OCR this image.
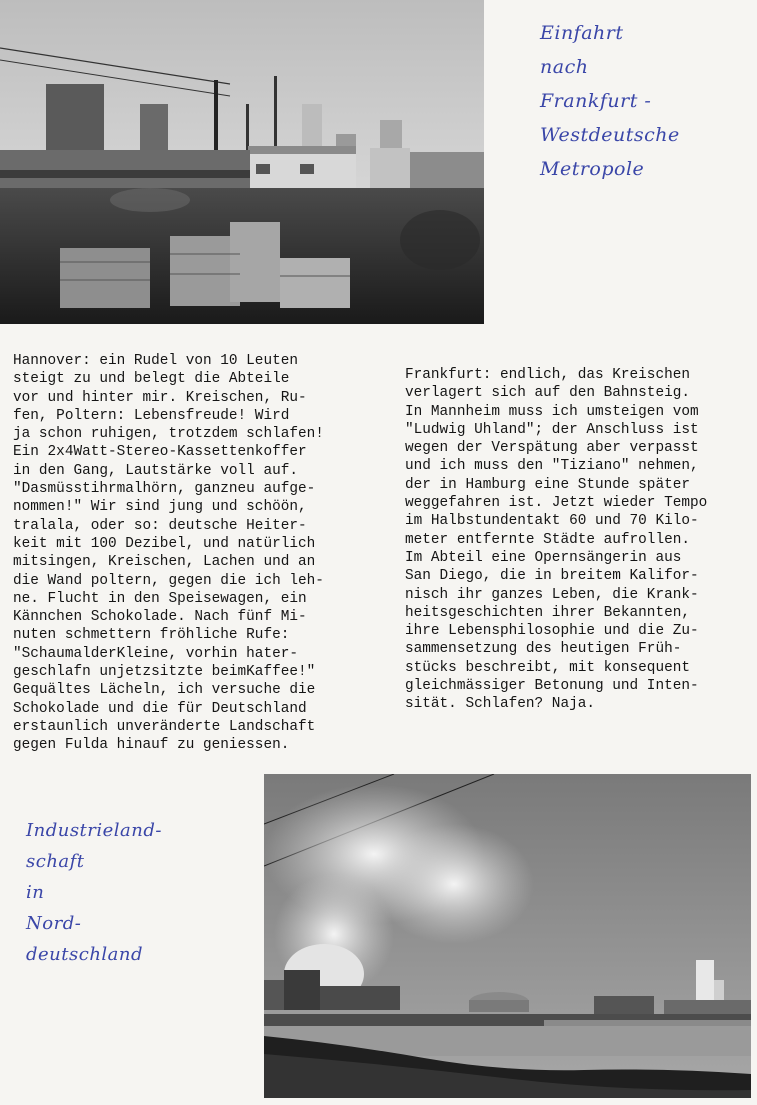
Einfahrt
nach
Frankfurt -
Westdeutsche
Metropole
Hannover: ein Rudel von 10 Leuten
steigt zu und belegt die Abteile
vor und hinter mir. Kreischen, Ru-
fen, Poltern: Lebensfreude! Wird
ja schon ruhigen, trotzdem schlafen!
Ein 2x4Watt-Stereo-Kassettenkoffer
in den Gang, Lautstärke voll auf.
"Dasmüsstihrmalhörn, ganzneu aufge-
nommen!" Wir sind jung und schöön,
tralala, oder so: deutsche Heiter-
keit mit 100 Dezibel, und natürlich
mitsingen, Kreischen, Lachen und an
die Wand poltern, gegen die ich leh-
ne. Flucht in den Speisewagen, ein
Kännchen Schokolade. Nach fünf Mi-
nuten schmettern fröhliche Rufe:
"SchaumalderKleine, vorhin hater-
geschlafn unjetzsitzte beimKaffee!"
Gequältes Lächeln, ich versuche die
Schokolade und die für Deutschland
erstaunlich unveränderte Landschaft
gegen Fulda hinauf zu geniessen.
Frankfurt: endlich, das Kreischen
verlagert sich auf den Bahnsteig.
In Mannheim muss ich umsteigen vom
"Ludwig Uhland"; der Anschluss ist
wegen der Verspätung aber verpasst
und ich muss den "Tiziano" nehmen,
der in Hamburg eine Stunde später
weggefahren ist. Jetzt wieder Tempo
im Halbstundentakt 60 und 70 Kilo-
meter entfernte Städte aufrollen.
Im Abteil eine Opernsängerin aus
San Diego, die in breitem Kalifor-
nisch ihr ganzes Leben, die Krank-
heitsgeschichten ihrer Bekannten,
ihre Lebensphilosophie und die Zu-
sammensetzung des heutigen Früh-
stücks beschreibt, mit konsequent
gleichmässiger Betonung und Inten-
sität. Schlafen? Naja.
Industrieland-
schaft
in
Nord-
deutschland
